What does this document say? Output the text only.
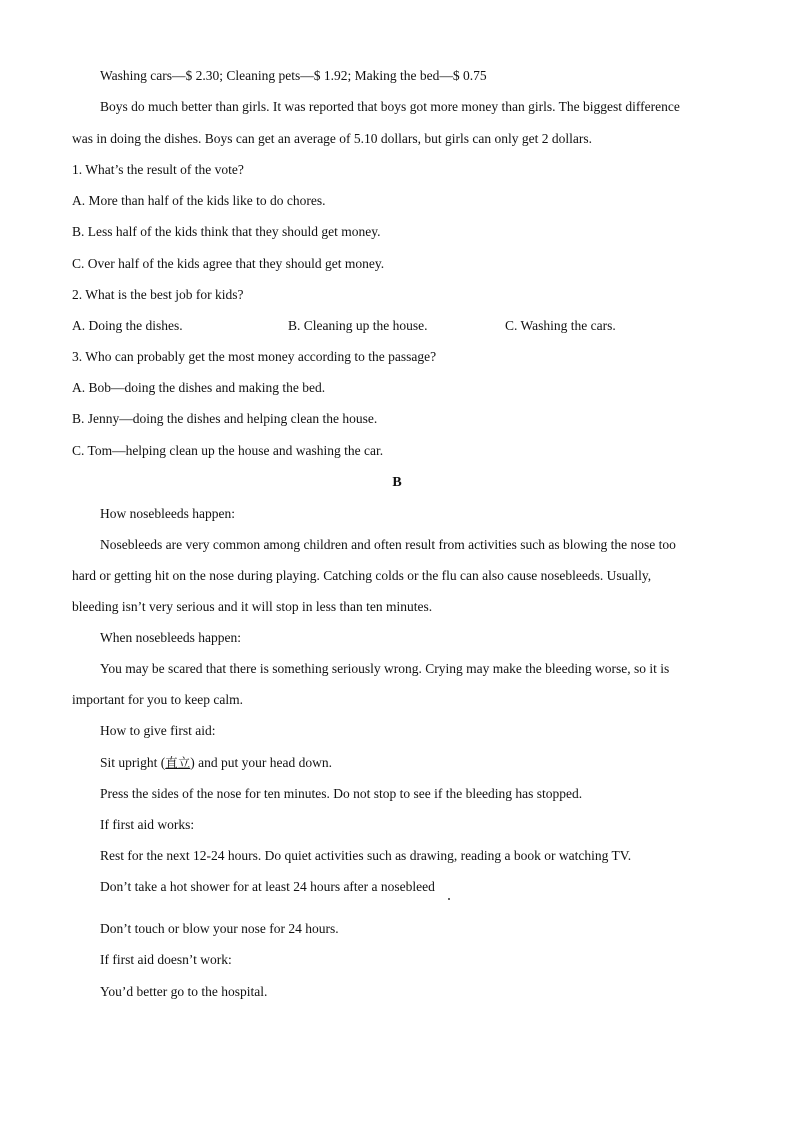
Washing cars—$ 2.30; Cleaning pets—$ 1.92; Making the bed—$ 0.75
Boys do much better than girls. It was reported that boys got more money than girls. The biggest difference
was in doing the dishes. Boys can get an average of 5.10 dollars, but girls can only get 2 dollars.
1. What’s the result of the vote?
A. More than half of the kids like to do chores.
B. Less half of the kids think that they should get money.
C. Over half of the kids agree that they should get money.
2. What is the best job for kids?
A. Doing the dishes.	B. Cleaning up the house.	C. Washing the cars.
3. Who can probably get the most money according to the passage?
A. Bob—doing the dishes and making the bed.
B. Jenny—doing the dishes and helping clean the house.
C. Tom—helping clean up the house and washing the car.
B
How nosebleeds happen:
Nosebleeds are very common among children and often result from activities such as blowing the nose too
hard or getting hit on the nose during playing. Catching colds or the flu can also cause nosebleeds. Usually,
bleeding isn’t very serious and it will stop in less than ten minutes.
When nosebleeds happen:
You may be scared that there is something seriously wrong. Crying may make the bleeding worse, so it is
important for you to keep calm.
How to give first aid:
Sit upright (直立) and put your head down.
Press the sides of the nose for ten minutes. Do not stop to see if the bleeding has stopped.
If first aid works:
Rest for the next 12-24 hours. Do quiet activities such as drawing, reading a book or watching TV.
Don’t take a hot shower for at least 24 hours after a nosebleed
Don’t touch or blow your nose for 24 hours.
If first aid doesn’t work:
You’d better go to the hospital.
